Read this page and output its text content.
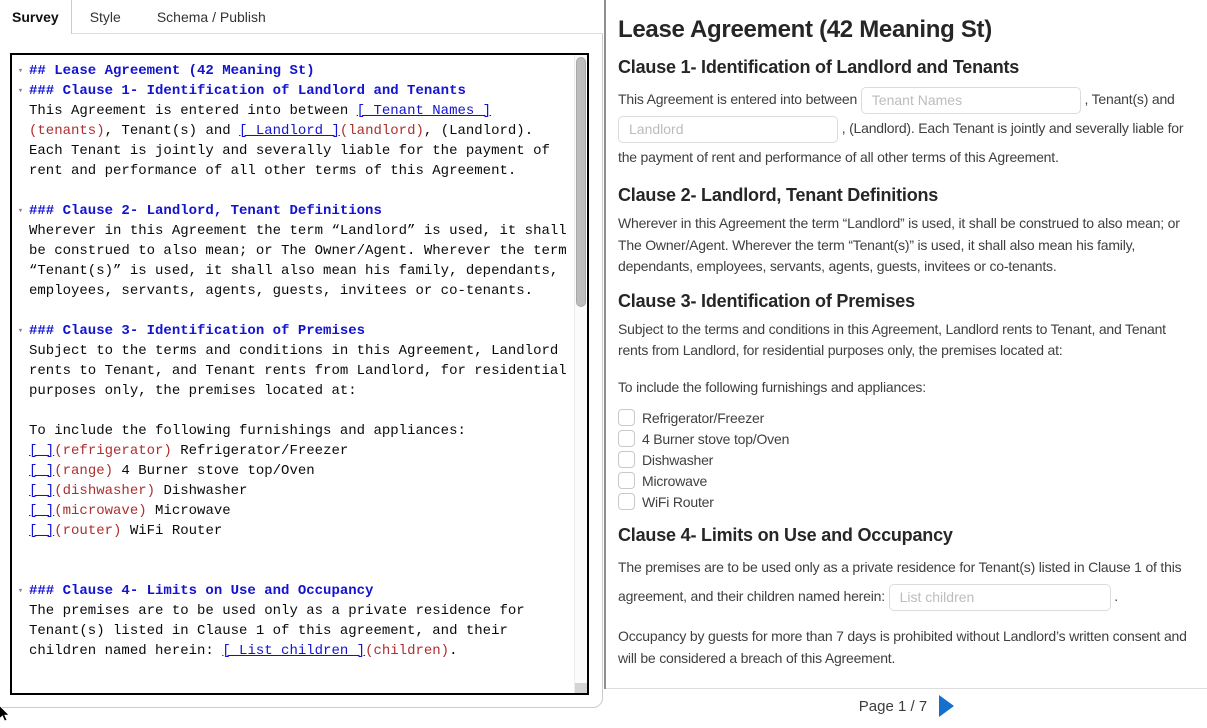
Survey	Style	Schema / Publish
▾ ## Lease Agreement (42 Meaning St)
▾ ### Clause 1- Identification of Landlord and Tenants
This Agreement is entered into between [_Tenant Names_]
(tenants), Tenant(s) and [_Landlord_](landlord), (Landlord).
Each Tenant is jointly and severally liable for the payment of
rent and performance of all other terms of this Agreement.
▾ ### Clause 2- Landlord, Tenant Definitions
Wherever in this Agreement the term “Landlord” is used, it shall
be construed to also mean; or The Owner/Agent. Wherever the term
“Tenant(s)” is used, it shall also mean his family, dependants,
employees, servants, agents, guests, invitees or co-tenants.
▾ ### Clause 3- Identification of Premises
Subject to the terms and conditions in this Agreement, Landlord
rents to Tenant, and Tenant rents from Landlord, for residential
purposes only, the premises located at:
To include the following furnishings and appliances:
[_](refrigerator) Refrigerator/Freezer
[_](range) 4 Burner stove top/Oven
[_](dishwasher) Dishwasher
[_](microwave) Microwave
[_](router) WiFi Router
▾ ### Clause 4- Limits on Use and Occupancy
The premises are to be used only as a private residence for
Tenant(s) listed in Clause 1 of this agreement, and their
children named herein: [_List children_](children).
Lease Agreement (42 Meaning St)
Clause 1- Identification of Landlord and Tenants
This Agreement is entered into between Tenant Names	, Tenant(s) and Landlord , (Landlord). Each Tenant is jointly and severally liable for the payment of rent and performance of all other terms of this Agreement.
Clause 2- Landlord, Tenant Definitions
Wherever in this Agreement the term “Landlord” is used, it shall be construed to also mean; or The Owner/Agent. Wherever the term “Tenant(s)” is used, it shall also mean his family, dependants, employees, servants, agents, guests, invitees or co-tenants.
Clause 3- Identification of Premises
Subject to the terms and conditions in this Agreement, Landlord rents to Tenant, and Tenant rents from Landlord, for residential purposes only, the premises located at:
To include the following furnishings and appliances:
Refrigerator/Freezer
4 Burner stove top/Oven
Dishwasher
Microwave
WiFi Router
Clause 4- Limits on Use and Occupancy
The premises are to be used only as a private residence for Tenant(s) listed in Clause 1 of this agreement, and their children named herein: List children	.
Occupancy by guests for more than 7 days is prohibited without Landlord’s written consent and will be considered a breach of this Agreement.
Page 1 / 7
